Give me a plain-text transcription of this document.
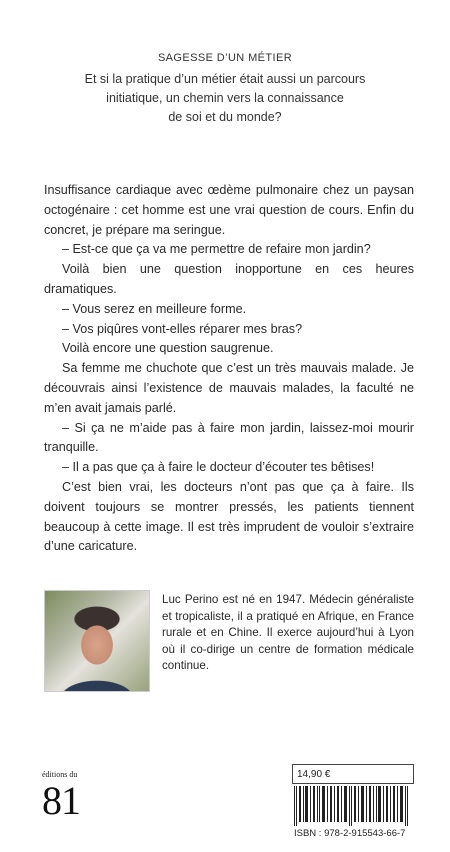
SAGESSE D’UN MÉTIER
Et si la pratique d’un métier était aussi un parcours
initiatique, un chemin vers la connaissance
de soi et du monde?

Insuffisance cardiaque avec œdème pulmonaire chez un paysan octogénaire : cet homme est une vrai question de cours. Enfin du concret, je prépare ma seringue.

– Est-ce que ça va me permettre de refaire mon jardin?

Voilà bien une question inopportune en ces heures dramatiques.

– Vous serez en meilleure forme.

– Vos piqûres vont-elles réparer mes bras?

Voilà encore une question saugrenue.

Sa femme me chuchote que c’est un très mauvais malade. Je découvrais ainsi l’existence de mauvais malades, la faculté ne m’en avait jamais parlé.

– Si ça ne m’aide pas à faire mon jardin, laissez-moi mourir tranquille.

– Il a pas que ça à faire le docteur d’écouter tes bêtises!

C’est bien vrai, les docteurs n’ont pas que ça à faire. Ils doivent toujours se montrer pressés, les patients tiennent beaucoup à cette image. Il est très imprudent de vouloir s’extraire d’une caricature.

Luc Perino est né en 1947. Médecin généraliste et tropicaliste, il a pratiqué en Afrique, en France rurale et en Chine. Il exerce aujourd’hui à Lyon où il co-dirige un centre de formation médicale continue.
éditions du
81
14,90 €
ISBN : 978-2-915543-66-7
